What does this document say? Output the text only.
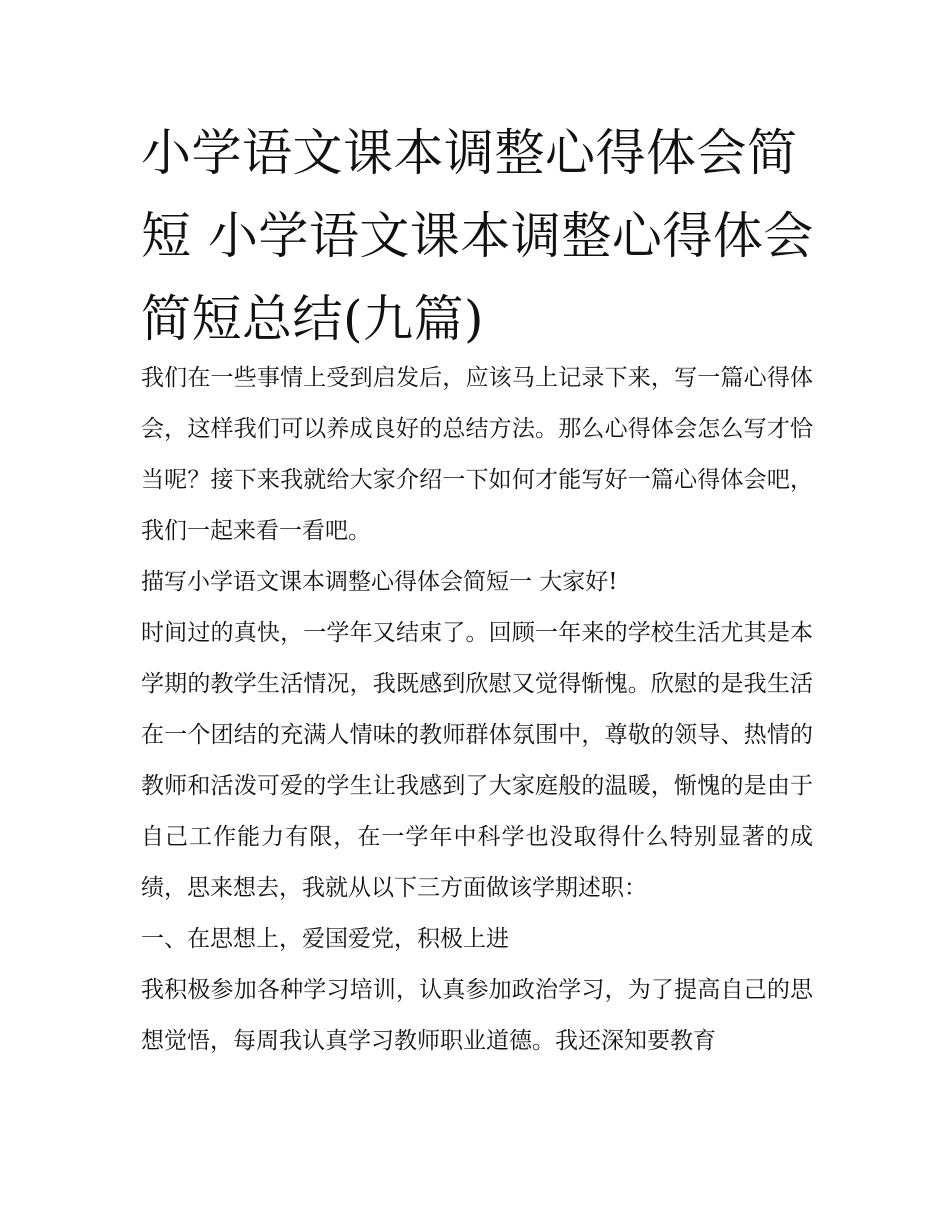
小学语文课本调整心得体会简短 小学语文课本调整心得体会简短总结(九篇)

我们在一些事情上受到启发后，应该马上记录下来，写一篇心得体会，这样我们可以养成良好的总结方法。那么心得体会怎么写才恰当呢？接下来我就给大家介绍一下如何才能写好一篇心得体会吧，我们一起来看一看吧。

描写小学语文课本调整心得体会简短一 大家好!

时间过的真快，一学年又结束了。回顾一年来的学校生活尤其是本学期的教学生活情况，我既感到欣慰又觉得惭愧。欣慰的是我生活在一个团结的充满人情味的教师群体氛围中，尊敬的领导、热情的教师和活泼可爱的学生让我感到了大家庭般的温暖，惭愧的是由于自己工作能力有限，在一学年中科学也没取得什么特别显著的成绩，思来想去，我就从以下三方面做该学期述职：

一、在思想上，爱国爱党，积极上进

我积极参加各种学习培训，认真参加政治学习，为了提高自己的思想觉悟，每周我认真学习教师职业道德。我还深知要教育
